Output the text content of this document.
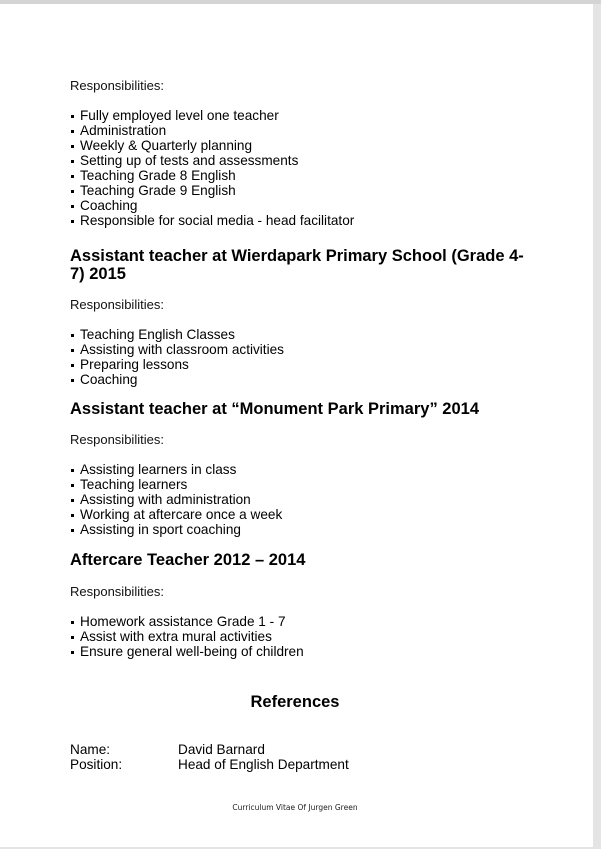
Responsibilities:
Fully employed level one teacher
Administration
Weekly & Quarterly planning
Setting up of tests and assessments
Teaching Grade 8 English
Teaching Grade 9 English
Coaching
Responsible for social media - head facilitator
Assistant teacher at Wierdapark Primary School (Grade 4-
7) 2015
Responsibilities:
Teaching English Classes
Assisting with classroom activities
Preparing lessons
Coaching
Assistant teacher at “Monument Park Primary” 2014
Responsibilities:
Assisting learners in class
Teaching learners
Assisting with administration
Working at aftercare once a week
Assisting in sport coaching
Aftercare Teacher 2012 – 2014
Responsibilities:
Homework assistance Grade 1 - 7
Assist with extra mural activities
Ensure general well-being of children
References
Name:	David Barnard
Position:	Head of English Department
Curriculum Vitae Of Jurgen Green
